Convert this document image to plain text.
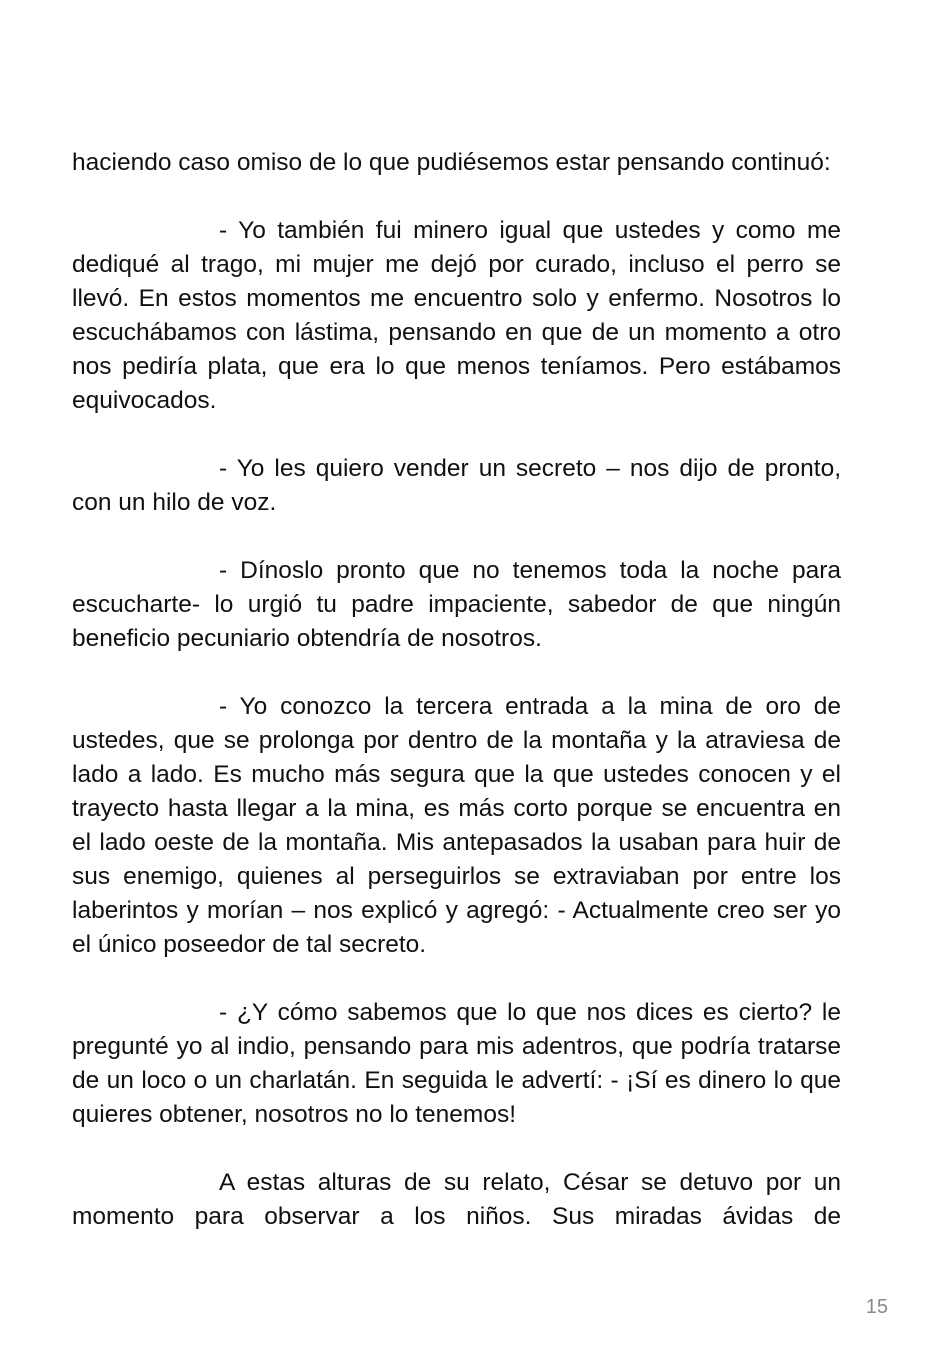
haciendo caso omiso de lo que pudiésemos estar pensando continuó:

- Yo también fui minero igual que ustedes y como me dediqué al trago, mi mujer me dejó por curado, incluso el perro se llevó. En estos momentos me encuentro solo y enfermo. Nosotros lo escuchábamos con lástima, pensando en que de un momento a otro nos pediría plata, que era lo que menos teníamos. Pero estábamos equivocados.

- Yo les quiero vender un secreto – nos dijo de pronto, con un hilo de voz.

- Dínoslo pronto que no tenemos toda la noche para escucharte- lo urgió tu padre impaciente, sabedor de que ningún beneficio pecuniario obtendría de nosotros.

- Yo conozco la tercera entrada a la mina de oro de ustedes, que se prolonga por dentro de la montaña y la atraviesa de lado a lado. Es mucho más segura que la que ustedes conocen y el trayecto hasta llegar a la mina, es más corto porque se encuentra en el lado oeste de la montaña. Mis antepasados la usaban para huir de sus enemigo, quienes al perseguirlos se extraviaban por entre los laberintos y morían – nos explicó y agregó: - Actualmente creo ser yo el único poseedor de tal secreto.

- ¿Y cómo sabemos que lo que nos dices es cierto? le pregunté yo al indio, pensando para mis adentros, que podría tratarse de un loco o un charlatán. En seguida le advertí: - ¡Sí es dinero lo que quieres obtener, nosotros no lo tenemos!

A estas alturas de su relato, César se detuvo por un momento para observar a los niños. Sus miradas ávidas de

15
